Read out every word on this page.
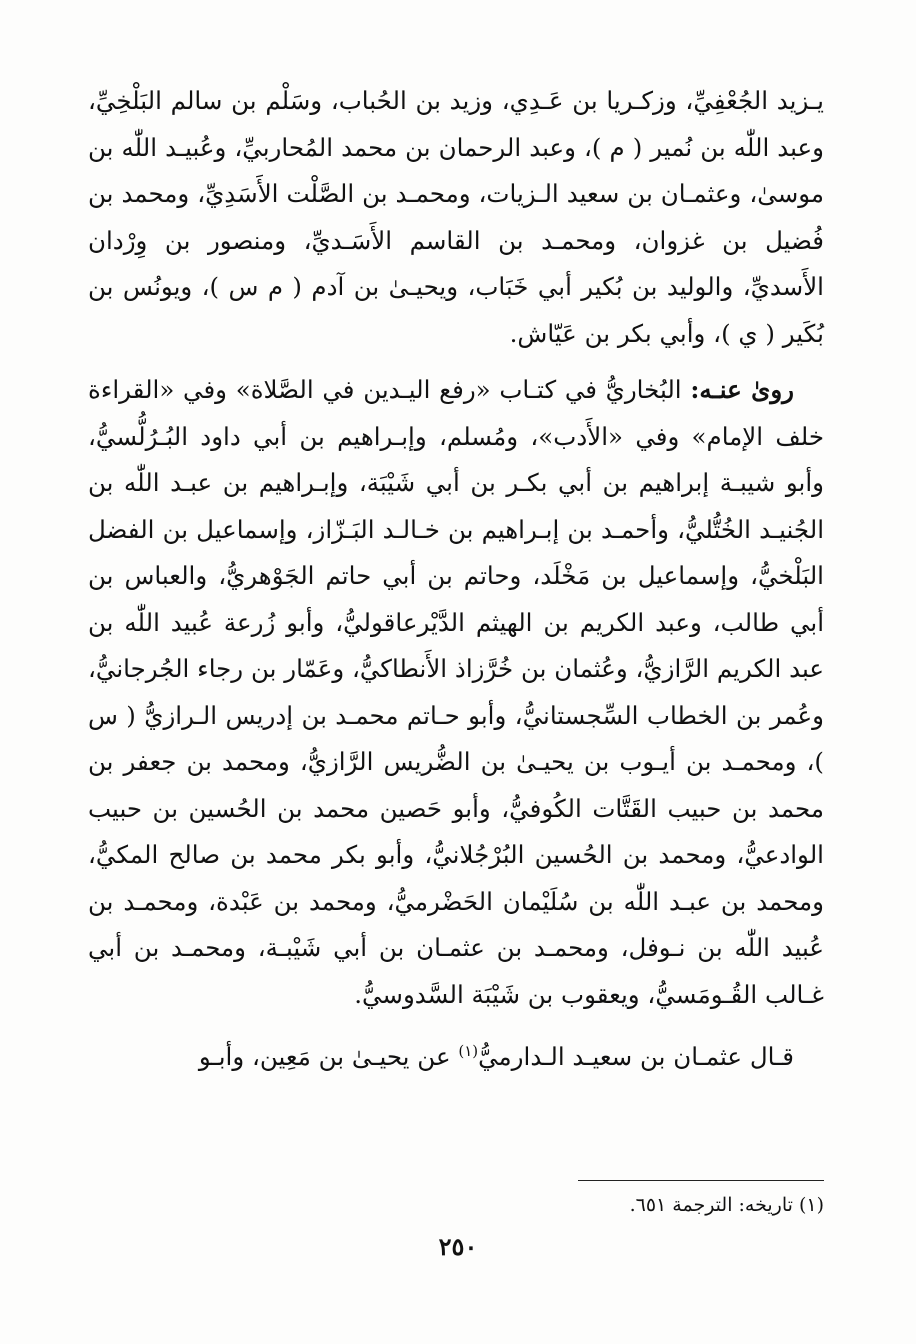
يـزيد الجُعْفِيِّ، وزكـريا بن عَـدِي، وزيد بن الحُباب، وسَلْم بن سالم البَلْخِيِّ، وعبد اللّٰه بن نُمير ( م )، وعبد الرحمان بن محمد المُحاربيِّ، وعُبيـد اللّٰه بن موسىٰ، وعثمـان بن سعيد الـزيات، ومحمـد بن الصَّلْت الأَسَدِيِّ، ومحمد بن فُضيل بن غزوان، ومحمـد بن القاسم الأَسَـديِّ، ومنصور بن وِرْدان الأَسديِّ، والوليد بن بُكير أبي خَبَاب، ويحيـىٰ بن آدم ( م س )، ويونُس بن بُكَير ( ي )، وأبي بكر بن عَيّاش.

روىٰ عنـه: البُخاريُّ في كتـاب «رفع اليـدين في الصَّلاة» وفي «القراءة خلف الإمام» وفي «الأَدب»، ومُسلم، وإبـراهيم بن أبي داود البُـرُلُّسيُّ، وأبو شيبـة إبراهيم بن أبي بكـر بن أبي شَيْبَة، وإبـراهيم بن عبـد اللّٰه بن الجُنيـد الخُتُّليُّ، وأحمـد بن إبـراهيم بن خـالـد البَـزّاز، وإسماعيل بن الفضل البَلْخيُّ، وإسماعيل بن مَخْلَد، وحاتم بن أبي حاتم الجَوْهريُّ، والعباس بن أبي طالب، وعبد الكريم بن الهيثم الدَّيْرعاقوليُّ، وأبو زُرعة عُبيد اللّٰه بن عبد الكريم الرَّازيُّ، وعُثمان بن خُرَّزاذ الأَنطاكيُّ، وعَمّار بن رجاء الجُرجانيُّ، وعُمر بن الخطاب السِّجستانيُّ، وأبو حـاتم محمـد بن إدريس الـرازيُّ ( س )، ومحمـد بن أيـوب بن يحيـىٰ بن الضُّريس الرَّازيُّ، ومحمد بن جعفر بن محمد بن حبيب القَتَّات الكُوفيُّ، وأبو حَصين محمد بن الحُسين بن حبيب الوادعيُّ، ومحمد بن الحُسين البُرْجُلانيُّ، وأبو بكر محمد بن صالح المكيُّ، ومحمد بن عبـد اللّٰه بن سُلَيْمان الحَضْرميُّ، ومحمد بن عَبْدة، ومحمـد بن عُبيد اللّٰه بن نـوفل، ومحمـد بن عثمـان بن أبي شَيْبـة، ومحمـد بن أبي غـالب القُـومَسيُّ، ويعقوب بن شَيْبَة السَّدوسيُّ.

قـال عثمـان بن سعيـد الـدارميُّ$^{(١)}$ عن يحيـىٰ بن مَعِين، وأبـو

(١) تاريخه: الترجمة ٦٥١.
٢٥٠
